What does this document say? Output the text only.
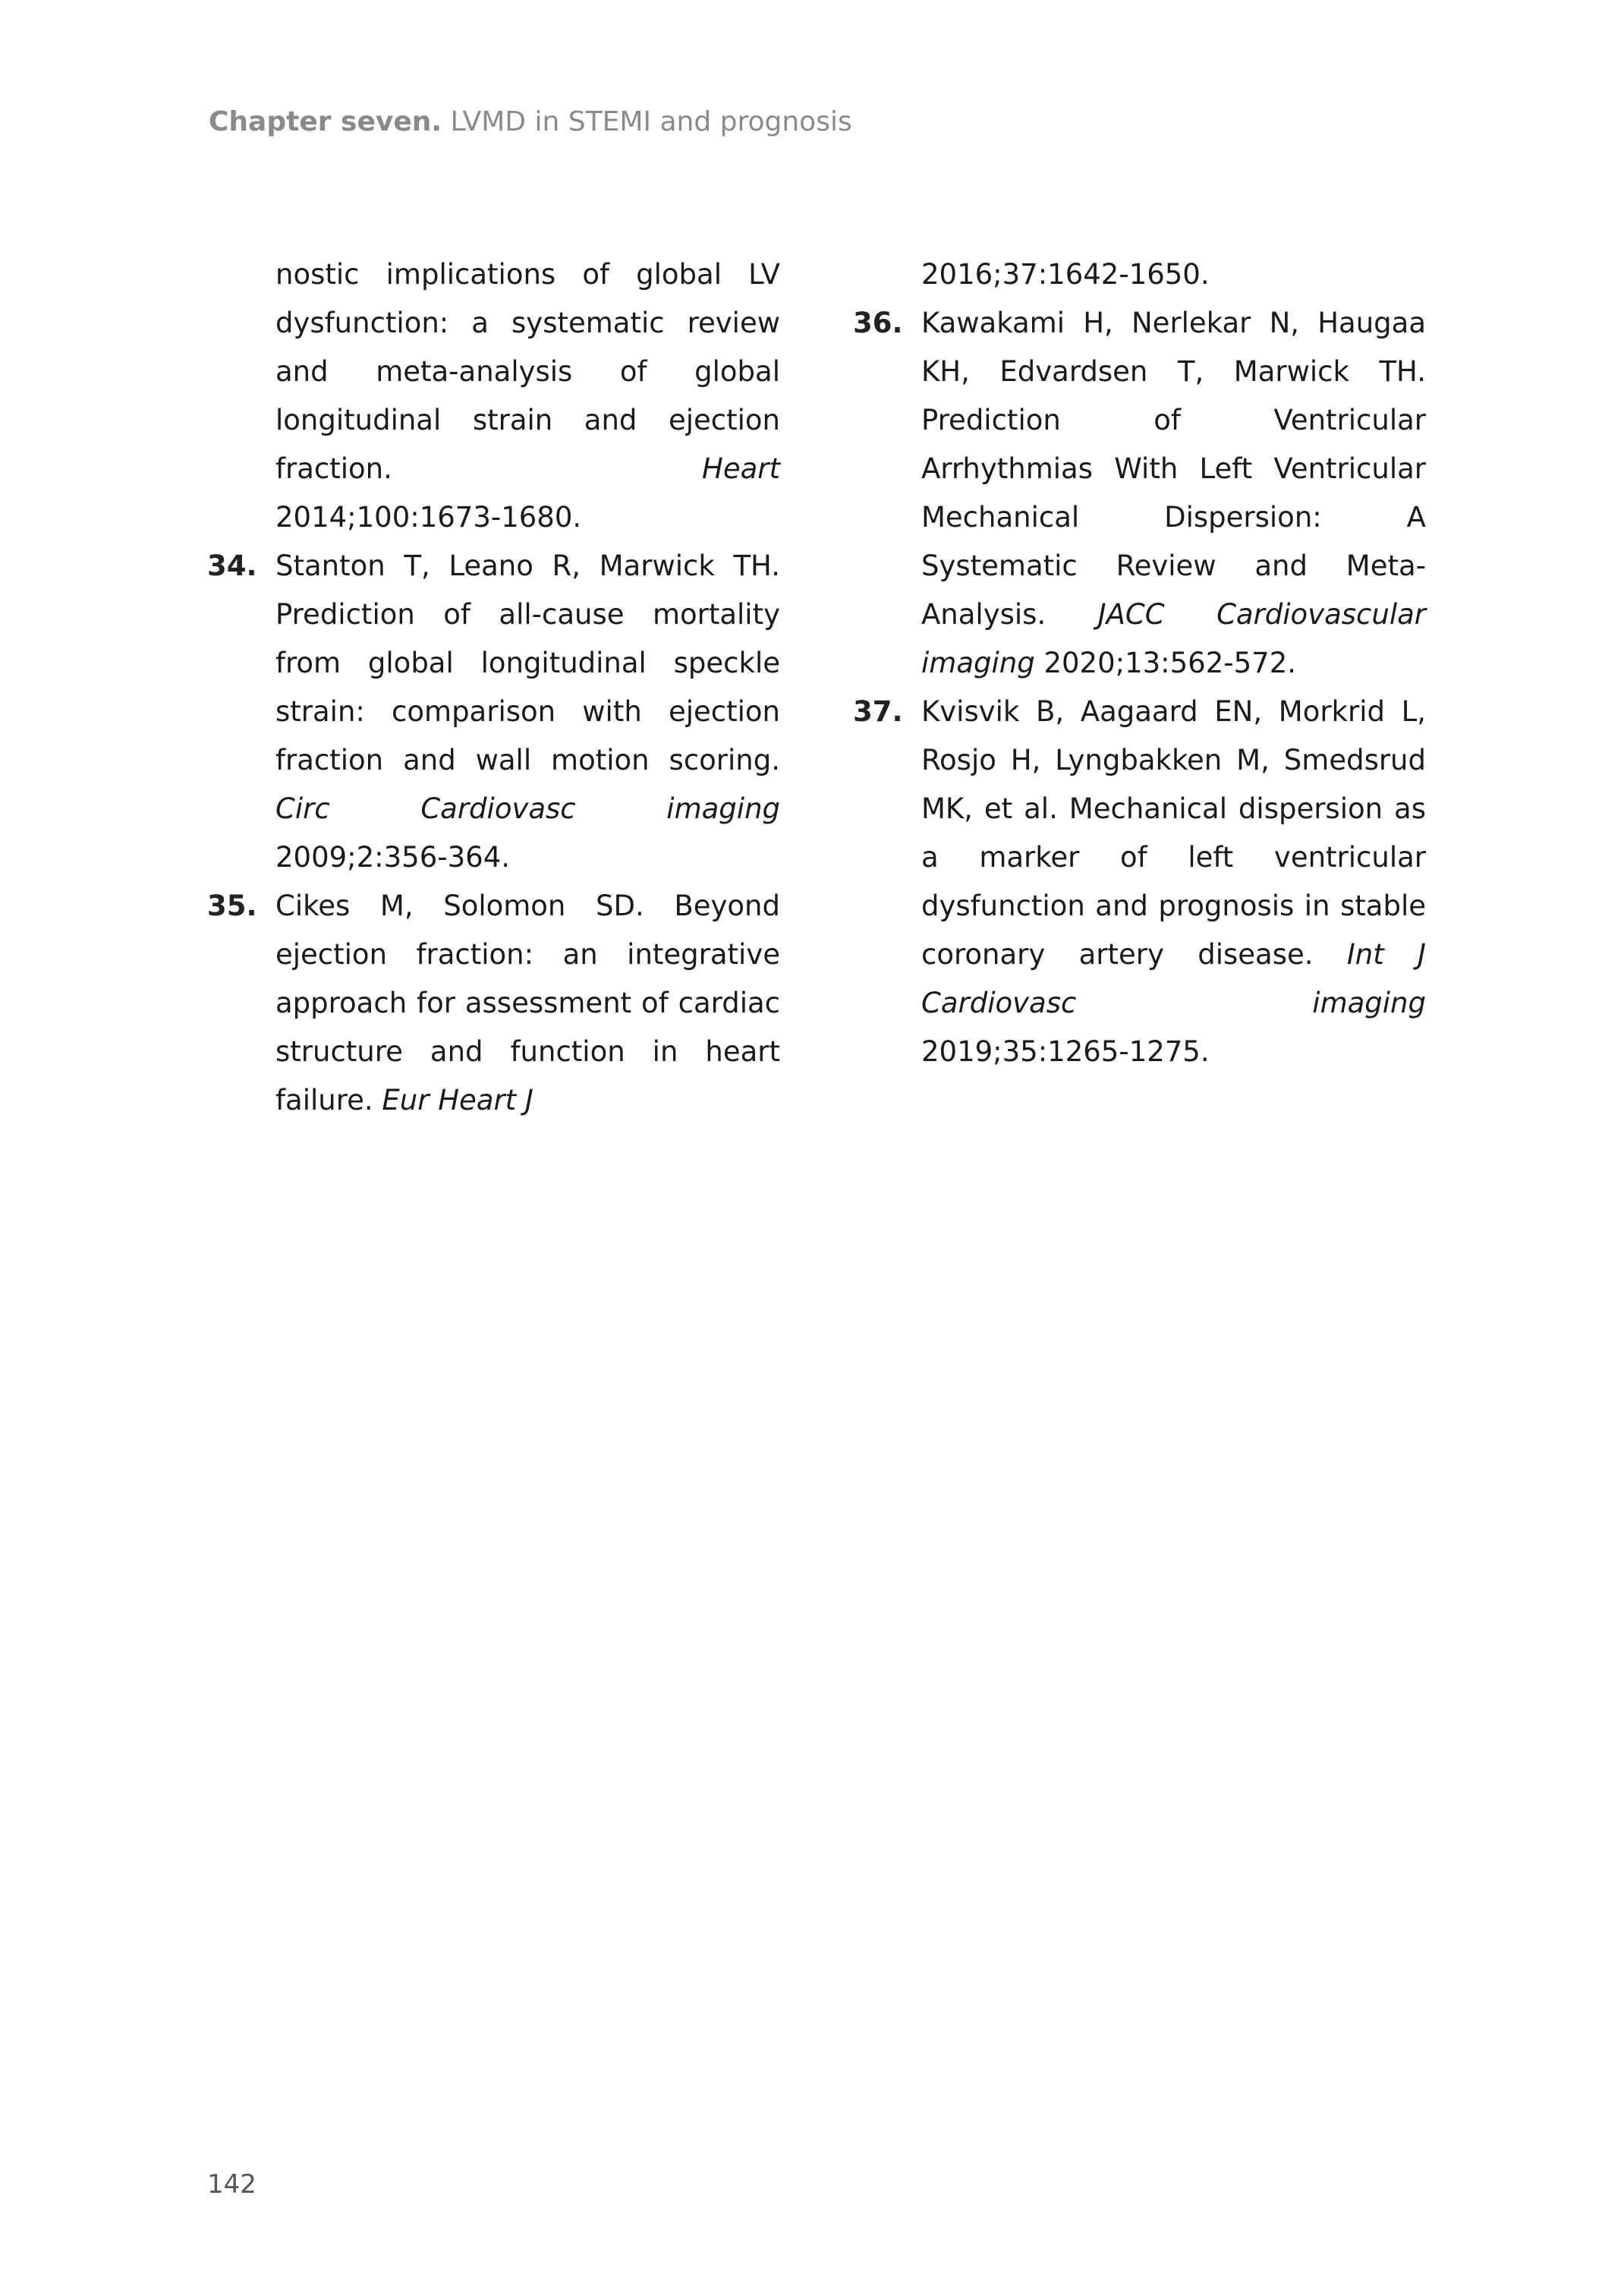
Chapter seven. LVMD in STEMI and prognosis
nostic implications of global LV dysfunction: a systematic review and meta-analysis of global longitudinal strain and ejection fraction.	Heart 2014;100:1673-1680.
34. Stanton T, Leano R, Marwick TH. Prediction of all-cause mortality from global longitudinal speckle strain: comparison with ejection fraction and wall motion scoring. Circ Cardiovasc imaging 2009;2:356-364.
35. Cikes M, Solomon SD. Beyond ejection fraction: an integrative approach for assessment of cardiac structure and function in heart failure. Eur Heart J
2016;37:1642-1650.
36. Kawakami H, Nerlekar N, Haugaa KH, Edvardsen T, Marwick TH. Prediction of Ventricular Arrhythmias With Left Ventricular Mechanical Dispersion: A Systematic Review and Meta-Analysis. JACC Cardiovascular imaging 2020;13:562-572.
37. Kvisvik B, Aagaard EN, Morkrid L, Rosjo H, Lyngbakken M, Smedsrud MK, et al. Mechanical dispersion as a marker of left ventricular dysfunction and prognosis in stable coronary artery disease. Int J Cardiovasc imaging 2019;35:1265-1275.
142
